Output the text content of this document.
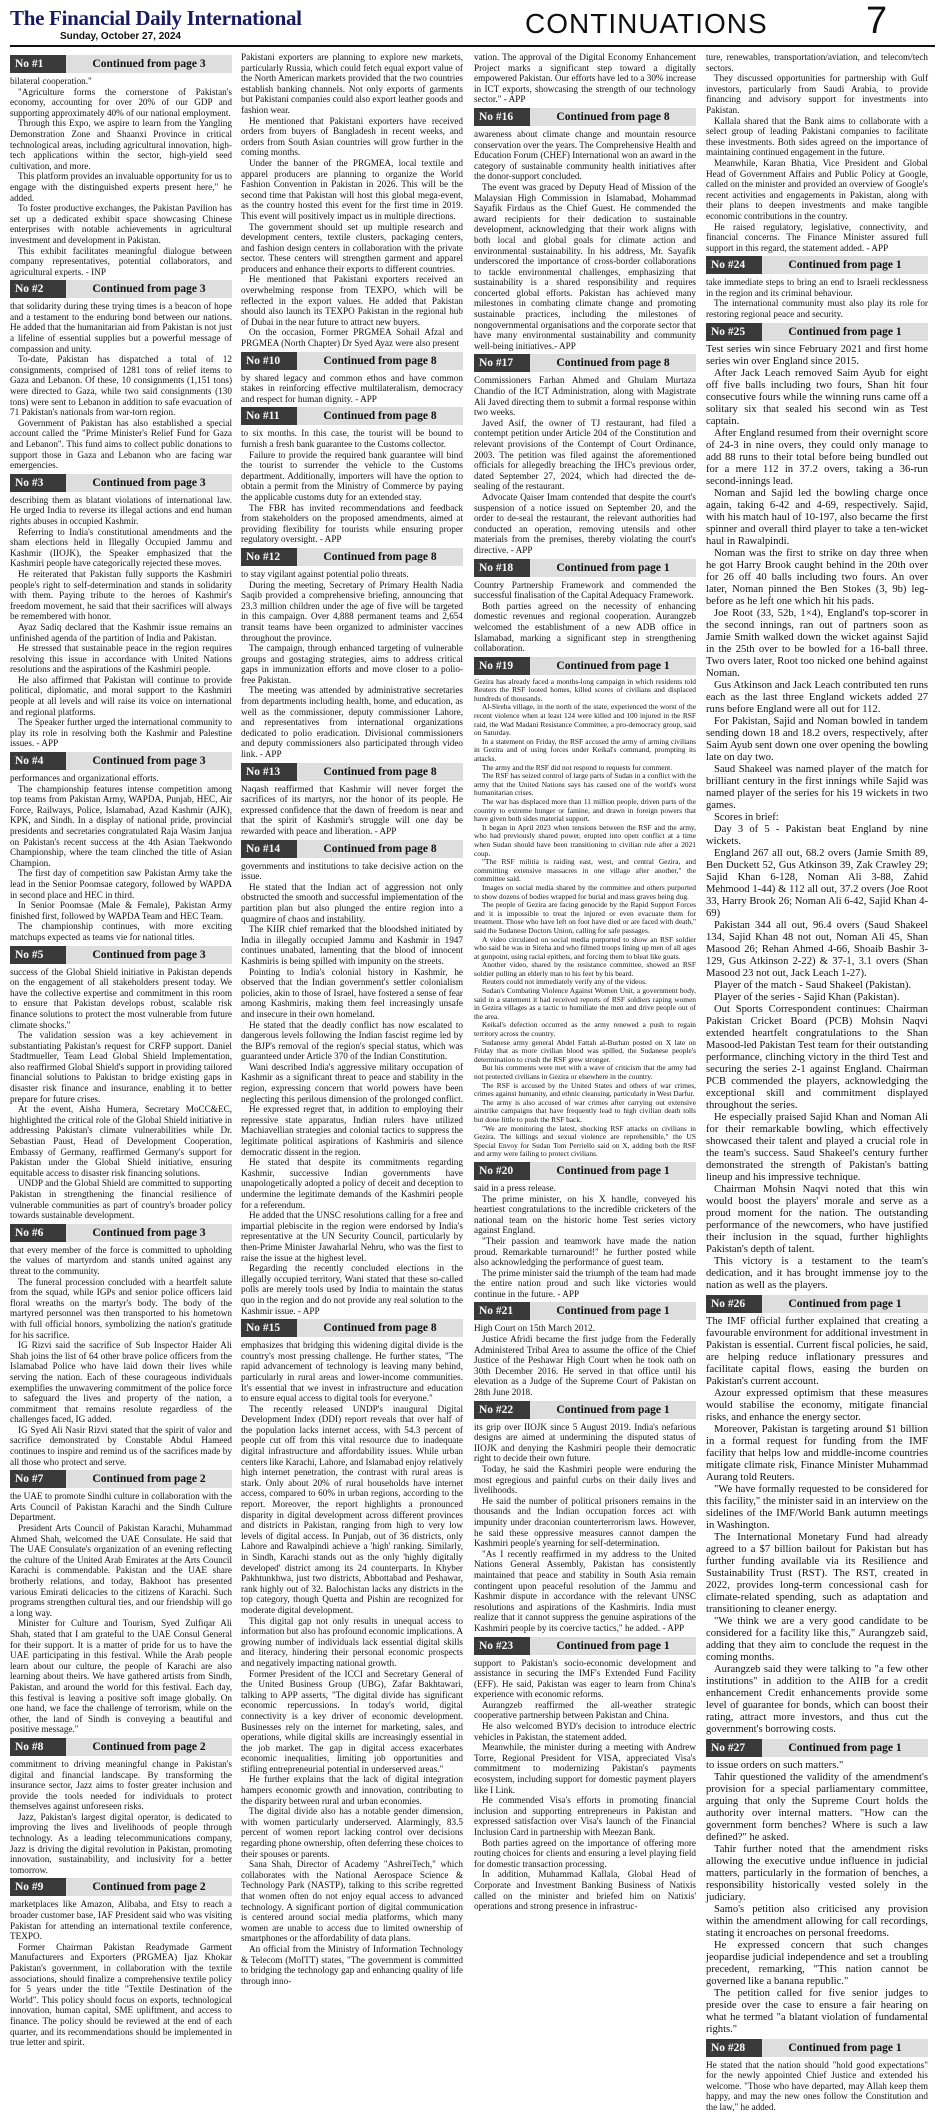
The Financial Daily International
Sunday, October 27, 2024	CONTINUATIONS	7
No #1	Continued from page 3

bilateral cooperation."

"Agriculture forms the cornerstone of Pakistan's economy, accounting for over 20% of our GDP and supporting approximately 40% of our national employment.

Through this Expo, we aspire to learn from the Yangling Demonstration Zone and Shaanxi Province in critical technological areas, including agricultural innovation, high-tech applications within the sector, high-yield seed cultivation, and more.

This platform provides an invaluable opportunity for us to engage with the distinguished experts present here," he added.

To foster productive exchanges, the Pakistan Pavilion has set up a dedicated exhibit space showcasing Chinese enterprises with notable achievements in agricultural investment and development in Pakistan.

This exhibit facilitates meaningful dialogue between company representatives, potential collaborators, and agricultural experts. - INP

No #2	Continued from page 3

that solidarity during these trying times is a beacon of hope and a testament to the enduring bond between our nations. He added that the humanitarian aid from Pakistan is not just a lifeline of essential supplies but a powerful message of compassion and unity.

To-date, Pakistan has dispatched a total of 12 consignments, comprised of 1281 tons of relief items to Gaza and Lebanon. Of these, 10 consignments (1,151 tons) were directed to Gaza, while two said consignments (130 tons) were sent to Lebanon in addition to safe evacuation of 71 Pakistan's nationals from war-torn region.

Government of Pakistan has also established a special account called the "Prime Minister's Relief Fund for Gaza and Lebanon". This fund aims to collect public donations to support those in Gaza and Lebanon who are facing war emergencies.

No #3	Continued from page 3

describing them as blatant violations of international law. He urged India to reverse its illegal actions and end human rights abuses in occupied Kashmir.

Referring to India's constitutional amendments and the sham elections held in Illegally Occupied Jammu and Kashmir (IIOJK), the Speaker emphasized that the Kashmiri people have categorically rejected these moves.

He reiterated that Pakistan fully supports the Kashmiri people's right to self-determination and stands in solidarity with them. Paying tribute to the heroes of Kashmir's freedom movement, he said that their sacrifices will always be remembered with honor.

Ayaz Sadiq declared that the Kashmir issue remains an unfinished agenda of the partition of India and Pakistan.

He stressed that sustainable peace in the region requires resolving this issue in accordance with United Nations resolutions and the aspirations of the Kashmiri people.

He also affirmed that Pakistan will continue to provide political, diplomatic, and moral support to the Kashmiri people at all levels and will raise its voice on international and regional platforms.

The Speaker further urged the international community to play its role in resolving both the Kashmir and Palestine issues. - APP

No #4	Continued from page 3

performances and organizational efforts.

The championship features intense competition among top teams from Pakistan Army, WAPDA, Punjab, HEC, Air Force, Railways, Police, Islamabad, Azad Kashmir (AJK), KPK, and Sindh. In a display of national pride, provincial presidents and secretaries congratulated Raja Wasim Janjua on Pakistan's recent success at the 4th Asian Taekwondo Championship, where the team clinched the title of Asian Champion.

The first day of competition saw Pakistan Army take the lead in the Senior Poomsae category, followed by WAPDA in second place and HEC in third.

In Senior Poomsae (Male & Female), Pakistan Army finished first, followed by WAPDA Team and HEC Team.

The championship continues, with more exciting matchups expected as teams vie for national titles.

No #5	Continued from page 3

success of the Global Shield initiative in Pakistan depends on the engagement of all stakeholders present today. We have the collective expertise and commitment in this room to ensure that Pakistan develops robust, scalable risk finance solutions to protect the most vulnerable from future climate shocks."

The validation session was a key achievement in substantiating Pakistan's request for CRFP support. Daniel Stadtmueller, Team Lead Global Shield Implementation, also reaffirmed Global Shield's support in providing tailored financial solutions to Pakistan to bridge existing gaps in disaster risk finance and insurance, enabling it to better prepare for future crises.

At the event, Aisha Humera, Secretary MoCC&EC, highlighted the critical role of the Global Shield initiative in addressing Pakistan's climate vulnerabilities while Dr. Sebastian Paust, Head of Development Cooperation, Embassy of Germany, reaffirmed Germany's support for Pakistan under the Global Shield initiative, ensuring equitable access to disaster risk financing solutions.

UNDP and the Global Shield are committed to supporting Pakistan in strengthening the financial resilience of vulnerable communities as part of country's broader policy towards sustainable development.

No #6	Continued from page 3

that every member of the force is committed to upholding the values of martyrdom and stands united against any threat to the community.

The funeral procession concluded with a heartfelt salute from the squad, while IGPs and senior police officers laid floral wreaths on the martyr's body. The body of the martyred personnel was then transported to his hometown with full official honors, symbolizing the nation's gratitude for his sacrifice.

IG Rizvi said the sacrifice of Sub Inspector Haider Ali Shah joins the list of 64 other brave police officers from the Islamabad Police who have laid down their lives while serving the nation. Each of these courageous individuals exemplifies the unwavering commitment of the police force to safeguard the lives and property of the nation, a commitment that remains resolute regardless of the challenges faced, IG added.

IG Syed Ali Nasir Rizvi stated that the spirit of valor and sacrifice demonstrated by Constable Abdul Hameed continues to inspire and remind us of the sacrifices made by all those who protect and serve.

No #7	Continued from page 2

the UAE to promote Sindhi culture in collaboration with the Arts Council of Pakistan Karachi and the Sindh Culture Department.

President Arts Council of Pakistan Karachi, Muhammad Ahmed Shah, welcomed the UAE Consulate. He said that The UAE Consulate's organization of an evening reflecting the culture of the United Arab Emirates at the Arts Council Karachi is commendable. Pakistan and the UAE share brotherly relations, and today, Bakhoot has presented various Emirati delicacies to the citizens of Karachi. Such programs strengthen cultural ties, and our friendship will go a long way.

Minister for Culture and Tourism, Syed Zulfiqar Ali Shah, stated that I am grateful to the UAE Consul General for their support. It is a matter of pride for us to have the UAE participating in this festival. While the Arab people learn about our culture, the people of Karachi are also learning about theirs. We have gathered artists from Sindh, Pakistan, and around the world for this festival. Each day, this festival is leaving a positive soft image globally. On one hand, we face the challenge of terrorism, while on the other, the land of Sindh is conveying a beautiful and positive message."

No #8	Continued from page 2

commitment to driving meaningful change in Pakistan's digital and financial landscape. By transforming the insurance sector, Jazz aims to foster greater inclusion and provide the tools needed for individuals to protect themselves against unforeseen risks.

Jazz, Pakistan's largest digital operator, is dedicated to improving the lives and livelihoods of people through technology. As a leading telecommunications company, Jazz is driving the digital revolution in Pakistan, promoting innovation, sustainability, and inclusivity for a better tomorrow.

No #9	Continued from page 2

marketplaces like Amazon, Alibaba, and Etsy to reach a broader customer base, IAF President said who was visiting Pakistan for attending an international textile conference, TEXPO.

Former Chairman Pakistan Readymade Garment Manufacturers and Exporters (PRGMEA) Ijaz Khokar Pakistan's government, in collaboration with the textile associations, should finalize a comprehensive textile policy for 5 years under the title "Textile Destination of the World". This policy should focus on exports, technological innovation, human capital, SME upliftment, and access to finance. The policy should be reviewed at the end of each quarter, and its recommendations should be implemented in true letter and spirit.

Pakistani exporters are planning to explore new markets, particularly Russia, which could fetch equal export value of the North American markets provided that the two countries establish banking channels. Not only exports of garments but Pakistani companies could also export leather goods and fashion wear.

He mentioned that Pakistani exporters have received orders from buyers of Bangladesh in recent weeks, and orders from South Asian countries will grow further in the coming months.

Under the banner of the PRGMEA, local textile and apparel producers are planning to organize the World Fashion Convention in Pakistan in 2026. This will be the second time that Pakistan will host this global mega-event, as the country hosted this event for the first time in 2019. This event will positively impact us in multiple directions.

The government should set up multiple research and development centers, textile clusters, packaging centers, and fashion design centers in collaboration with the private sector. These centers will strengthen garment and apparel producers and enhance their exports to different countries.

He mentioned that Pakistani exporters received an overwhelming response from TEXPO, which will be reflected in the export values. He added that Pakistan should also launch its TEXPO Pakistan in the regional hub of Dubai in the near future to attract new buyers.

On the occasion, Former PRGMEA Sohail Afzal and PRGMEA (North Chapter) Dr Syed Ayaz were also present

No #10	Continued from page 8

by shared legacy and common ethos and have common stakes in reinforcing effective multilateralism, democracy and respect for human dignity. - APP

No #11	Continued from page 8

to six months. In this case, the tourist will be bound to furnish a fresh bank guarantee to the Customs collector.

Failure to provide the required bank guarantee will bind the tourist to surrender the vehicle to the Customs department. Additionally, importers will have the option to obtain a permit from the Ministry of Commerce by paying the applicable customs duty for an extended stay.

The FBR has invited recommendations and feedback from stakeholders on the proposed amendments, aimed at providing flexibility for tourists while ensuring proper regulatory oversight. - APP

No #12	Continued from page 8

to stay vigilant against potential polio threats.

During the meeting, Secretary of Primary Health Nadia Saqib provided a comprehensive briefing, announcing that 23.3 million children under the age of five will be targeted in this campaign. Over 4,888 permanent teams and 2,654 transit teams have been organized to administer vaccines throughout the province.

The campaign, through enhanced targeting of vulnerable groups and gostaging strategies, aims to address critical gaps in immunization efforts and move closer to a polio-free Pakistan.

The meeting was attended by administrative secretaries from departments including health, home, and education, as well as the commissioner, deputy commissioner Lahore, and representatives from international organizations dedicated to polio eradication. Divisional commissioners and deputy commissioners also participated through video link. - APP

No #13	Continued from page 8

Naqash reaffirmed that Kashmir will never forget the sacrifices of its martyrs, nor the honor of its people. He expressed confidence that the dawn of freedom is near and that the spirit of Kashmir's struggle will one day be rewarded with peace and liberation. - APP

No #14	Continued from page 8

governments and institutions to take decisive action on the issue.

He stated that the Indian act of aggression not only obstructed the smooth and successful implementation of the partition plan but also plunged the entire region into a quagmire of chaos and instability.

The KIIR chief remarked that the bloodshed initiated by India in illegally occupied Jammu and Kashmir in 1947 continues unabated, lamenting that the blood of innocent Kashmiris is being spilled with impunity on the streets.

Pointing to India's colonial history in Kashmir, he observed that the Indian government's settler colonialism policies, akin to those of Israel, have fostered a sense of fear among Kashmiris, making them feel increasingly unsafe and insecure in their own homeland.

He stated that the deadly conflict has now escalated to dangerous levels following the Indian fascist regime led by the BJP's removal of the region's special status, which was guaranteed under Article 370 of the Indian Constitution.

Wani described India's aggressive military occupation of Kashmir as a significant threat to peace and stability in the region, expressing concern that world powers have been neglecting this perilous dimension of the prolonged conflict.

He expressed regret that, in addition to employing their repressive state apparatus, Indian rulers have utilized Machiavellian strategies and colonial tactics to suppress the legitimate political aspirations of Kashmiris and silence democratic dissent in the region.

He stated that despite its commitments regarding Kashmir, successive Indian governments have unapologetically adopted a policy of deceit and deception to undermine the legitimate demands of the Kashmiri people for a referendum.

He added that the UNSC resolutions calling for a free and impartial plebiscite in the region were endorsed by India's representative at the UN Security Council, particularly by then-Prime Minister Jawaharlal Nehru, who was the first to raise the issue at the highest level.

Regarding the recently concluded elections in the illegally occupied territory, Wani stated that these so-called polls are merely tools used by India to maintain the status quo in the region and do not provide any real solution to the Kashmir issue. - APP

No #15	Continued from page 8

emphasizes that bridging this widening digital divide is the country's most pressing challenge. He further states, "The rapid advancement of technology is leaving many behind, particularly in rural areas and lower-income communities. It's essential that we invest in infrastructure and education to ensure equal access to digital tools for everyone."

The recently released UNDP's inaugural Digital Development Index (DDI) report reveals that over half of the population lacks internet access, with 54.3 percent of people cut off from this vital resource due to inadequate digital infrastructure and affordability issues. While urban centers like Karachi, Lahore, and Islamabad enjoy relatively high internet penetration, the contrast with rural areas is stark. Only about 20% of rural households have internet access, compared to 60% in urban regions, according to the report. Moreover, the report highlights a pronounced disparity in digital development across different provinces and districts in Pakistan, ranging from high to very low levels of digital access. In Punjab, out of 36 districts, only Lahore and Rawalpindi achieve a 'high' ranking. Similarly, in Sindh, Karachi stands out as the only 'highly digitally developed' district among its 24 counterparts. In Khyber Pakhtunkhwa, just two districts, Abbottabad and Peshawar, rank highly out of 32. Balochistan lacks any districts in the top category, though Quetta and Pishin are recognized for moderate digital development.

This digital gap not only results in unequal access to information but also has profound economic implications. A growing number of individuals lack essential digital skills and literacy, hindering their personal economic prospects and negatively impacting national growth.

Former President of the ICCI and Secretary General of the United Business Group (UBG), Zafar Bakhtawari, talking to APP asserts, "The digital divide has significant economic repercussions. In today's world, digital connectivity is a key driver of economic development. Businesses rely on the internet for marketing, sales, and operations, while digital skills are increasingly essential in the job market. The gap in digital access exacerbates economic inequalities, limiting job opportunities and stifling entrepreneurial potential in underserved areas."

He further explains that the lack of digital integration hampers economic growth and innovation, contributing to the disparity between rural and urban economies.

The digital divide also has a notable gender dimension, with women particularly underserved. Alarmingly, 83.5 percent of women report lacking control over decisions regarding phone ownership, often deferring these choices to their spouses or parents.

Sana Shah, Director of Academy "AshreiTech," which collaborates with the National Aerospace Science & Technology Park (NASTP), talking to this scribe regretted that women often do not enjoy equal access to advanced technology. A significant portion of digital communication is centered around social media platforms, which many women are unable to access due to limited ownership of smartphones or the affordability of data plans.

An official from the Ministry of Information Technology & Telecom (MoITT) states, "The government is committed to bridging the technology gap and enhancing quality of life through inno-

vation. The approval of the Digital Economy Enhancement Project marks a significant step toward a digitally empowered Pakistan. Our efforts have led to a 30% increase in ICT exports, showcasing the strength of our technology sector." - APP

No #16	Continued from page 8

awareness about climate change and mountain resource conservation over the years. The Comprehensive Health and Education Forum (CHEF) International won an award in the category of sustainable community health initiatives after the donor-support concluded.

The event was graced by Deputy Head of Mission of the Malaysian High Commission in Islamabad, Mohammad Sayafik Firdaus as the Chief Guest. He commended the award recipients for their dedication to sustainable development, acknowledging that their work aligns with both local and global goals for climate action and environmental sustainability. In his address, Mr. Sayafik underscored the importance of cross-border collaborations to tackle environmental challenges, emphasizing that sustainability is a shared responsibility and requires concerted global efforts. Pakistan has achieved many milestones in combating climate change and promoting sustainable practices, including the milestones of nongovernmental organisations and the corporate sector that have many environmental sustainability and community well-being initiatives.- APP

No #17	Continued from page 8

Commissioners Farhan Ahmed and Ghulam Murtaza Chandio of the ICT Administration, along with Magistrate Ali Javed directing them to submit a formal response within two weeks.

Javed Asif, the owner of TJ restaurant, had filed a contempt petition under Article 204 of the Constitution and relevant provisions of the Contempt of Court Ordinance, 2003. The petition was filed against the aforementioned officials for allegedly breaching the IHC's previous order, dated September 27, 2024, which had directed the de-sealing of the restaurant.

Advocate Qaiser Imam contended that despite the court's suspension of a notice issued on September 20, and the order to de-seal the restaurant, the relevant authorities had conducted an operation, removing utensils and other materials from the premises, thereby violating the court's directive. - APP

No #18	Continued from page 1

Country Partnership Framework and commended the successful finalisation of the Capital Adequacy Framework.

Both parties agreed on the necessity of enhancing domestic revenues and regional cooperation. Aurangzeb welcomed the establishment of a new ADB office in Islamabad, marking a significant step in strengthening collaboration.

No #19	Continued from page 1

Gezira has already faced a months-long campaign in which residents told Reuters the RSF looted homes, killed scores of civilians and displaced hundreds of thousands.

Al-Sireha village, in the north of the state, experienced the worst of the recent violence when at least 124 were killed and 100 injured in the RSF raid, the Wad Madani Resistance Committee, a pro-democracy group, said on Saturday.

In a statement on Friday, the RSF accused the army of arming civilians in Gezira and of using forces under Keikal's command, prompting its attacks.

The army and the RSF did not respond to requests for comment.

The RSF has seized control of large parts of Sudan in a conflict with the army that the United Nations says has caused one of the world's worst humanitarian crises.

The war has displaced more than 11 million people, driven parts of the country to extreme hunger or famine, and drawn in foreign powers that have given both sides material support.

It began in April 2023 when tensions between the RSF and the army, who had previously shared power, erupted into open conflict at a time when Sudan should have been transitioning to civilian rule after a 2021 coup.

"The RSF militia is raiding east, west, and central Gezira, and committing extensive massacres in one village after another," the committee said.

Images on social media shared by the committee and others purported to show dozens of bodies wrapped for burial and mass graves being dug.

The people of Gezira are facing genocide by the Rapid Support Forces and it is impossible to treat the injured or even evacuate them for treatment. Those who have left on foot have died or are faced with death," said the Sudanese Doctors Union, calling for safe passages.

A video circulated on social media purported to show an RSF soldier who said he was in Sireha and who filmed troops lining up men of all ages at gunpoint, using racial epithets, and forcing them to bleat like goats.

Another video, shared by the resistance committee, showed an RSF soldier pulling an elderly man to his feet by his beard.

Reuters could not immediately verify any of the videos.

Sudan's Combating Violence Against Women Unit, a government body, said in a statement it had received reports of RSF soldiers raping women in Gezira villages as a tactic to humiliate the men and drive people out of the area.

Keikal's defection occurred as the army renewed a push to regain territory across the country.

Sudanese army general Abdel Fattah al-Burhan posted on X late on Friday that as more civilian blood was spilled, the Sudanese people's determination to crush the RSF grew stronger.

But his comments were met with a wave of criticism that the army had not protected civilians in Gezira or elsewhere in the country.

The RSF is accused by the United States and others of war crimes, crimes against humanity, and ethnic cleansing, particularly in West Darfur.

The army is also accused of war crimes after carrying out extensive airstrike campaigns that have frequently lead to high civilian death tolls but done little to push the RSF back.

"We are monitoring the latest, shocking RSF attacks on civilians in Gezira. The killings and sexual violence are reprehensible," the US Special Envoy for Sudan Tom Perriello said on X, adding both the RSF and army were failing to protect civilians.

No #20	Continued from page 1

said in a press release.

The prime minister, on his X handle, conveyed his heartiest congratulations to the incredible cricketers of the national team on the historic home Test series victory against England.

"Their passion and teamwork have made the nation proud. Remarkable turnaround!" he further posted while also acknowledging the performance of guest team.

The prime minister said the triumph of the team had made the entire nation proud and such like victories would continue in the future. - APP

No #21	Continued from page 1

High Court on 15th March 2012.

Justice Afridi became the first judge from the Federally Administered Tribal Area to assume the office of the Chief Justice of the Peshawar High Court when he took oath on 30th December 2016. He served in that office until his elevation as a Judge of the Supreme Court of Pakistan on 28th June 2018.

No #22	Continued from page 1

its grip over IIOJK since 5 August 2019. India's nefarious designs are aimed at undermining the disputed status of IIOJK and denying the Kashmiri people their democratic right to decide their own future.

Today, he said the Kashmiri people were enduring the most egregious and painful curbs on their daily lives and livelihoods.

He said the number of political prisoners remains in the thousands and the Indian occupation forces act with impunity under draconian counterterrorism laws. However, he said these oppressive measures cannot dampen the Kashmiri people's yearning for self-determination.

"As I recently reaffirmed in my address to the United Nations General Assembly, Pakistan has consistently maintained that peace and stability in South Asia remain contingent upon peaceful resolution of the Jammu and Kashmir dispute in accordance with the relevant UNSC resolutions and aspirations of the Kashmiris. India must realize that it cannot suppress the genuine aspirations of the Kashmiri people by its coercive tactics," he added. - APP

No #23	Continued from page 1

support to Pakistan's socio-economic development and assistance in securing the IMF's Extended Fund Facility (EFF). He said, Pakistan was eager to learn from China's experience with economic reforms.

Aurangzeb reaffirmed the all-weather strategic cooperative partnership between Pakistan and China.

He also welcomed BYD's decision to introduce electric vehicles in Pakistan, the statement added.

Meanwhile, the minister during a meeting with Andrew Torre, Regional President for VISA, appreciated Visa's commitment to modernizing Pakistan's payments ecosystem, including support for domestic payment players like I Link.

He commended Visa's efforts in promoting financial inclusion and supporting entrepreneurs in Pakistan and expressed satisfaction over Visa's launch of the Financial Inclusion Card in partnership with Meezan Bank.

Both parties agreed on the importance of offering more routing choices for clients and ensuring a level playing field for domestic transaction processing.

In addition, Muhammad Kallala, Global Head of Corporate and Investment Banking Business of Natixis called on the minister and briefed him on Natixis' operations and strong presence in infrastruc-

ture, renewables, transportation/aviation, and telecom/tech sectors.

They discussed opportunities for partnership with Gulf investors, particularly from Saudi Arabia, to provide financing and advisory support for investments into Pakistan.

Kallala shared that the Bank aims to collaborate with a select group of leading Pakistani companies to facilitate these investments. Both sides agreed on the importance of maintaining continued engagement in the future.

Meanwhile, Karan Bhatia, Vice President and Global Head of Government Affairs and Public Policy at Google, called on the minister and provided an overview of Google's recent activities and engagements in Pakistan, along with their plans to deepen investments and make tangible economic contributions in the country.

He raised regulatory, legislative, connectivity, and financial concerns. The Finance Minister assured full support in this regard, the statement added. - APP

No #24	Continued from page 1

take immediate steps to bring an end to Israeli recklessness in the region and its criminal behaviour.

The international community must also play its role for restoring regional peace and security.

No #25	Continued from page 1

Test series win since February 2021 and first home series win over England since 2015.

After Jack Leach removed Saim Ayub for eight off five balls including two fours, Shan hit four consecutive fours while the winning runs came off a solitary six that sealed his second win as Test captain.

After England resumed from their overnight score of 24-3 in nine overs, they could only manage to add 88 runs to their total before being bundled out for a mere 112 in 37.2 overs, taking a 36-run second-innings lead.

Noman and Sajid led the bowling charge once again, taking 6-42 and 4-69, respectively. Sajid, with his match haul of 10-197, also became the first spinner and overall third player to take a ten-wicket haul in Rawalpindi.

Noman was the first to strike on day three when he got Harry Brook caught behind in the 20th over for 26 off 40 balls including two fours. An over later, Noman pinned the Ben Stokes (3, 9b) leg-before as he left one which hit his pads.

Joe Root (33, 52b, 1×4), England's top-scorer in the second innings, ran out of partners soon as Jamie Smith walked down the wicket against Sajid in the 25th over to be bowled for a 16-ball three. Two overs later, Root too nicked one behind against Noman.

Gus Atkinson and Jack Leach contributed ten runs each as the last three England wickets added 27 runs before England were all out for 112.

For Pakistan, Sajid and Noman bowled in tandem sending down 18 and 18.2 overs, respectively, after Saim Ayub sent down one over opening the bowling late on day two.

Saud Shakeel was named player of the match for brilliant century in the first innings while Sajid was named player of the series for his 19 wickets in two games.

Scores in brief:

Day 3 of 5 - Pakistan beat England by nine wickets.

England 267 all out, 68.2 overs (Jamie Smith 89, Ben Duckett 52, Gus Atkinson 39, Zak Crawley 29; Sajid Khan 6-128, Noman Ali 3-88, Zahid Mehmood 1-44) & 112 all out, 37.2 overs (Joe Root 33, Harry Brook 26; Noman Ali 6-42, Sajid Khan 4-69)

Pakistan 344 all out, 96.4 overs (Saud Shakeel 134, Sajid Khan 48 not out, Noman Ali 45, Shan Masood 26; Rehan Ahmed 4-66, Shoaib Bashir 3-129, Gus Atkinson 2-22) & 37-1, 3.1 overs (Shan Masood 23 not out, Jack Leach 1-27).

Player of the match - Saud Shakeel (Pakistan).

Player of the series - Sajid Khan (Pakistan).

Out Sports Correspondent continues: Chairman Pakistan Cricket Board (PCB) Mohsin Naqvi extended heartfelt congratulations to the Shan Masood-led Pakistan Test team for their outstanding performance, clinching victory in the third Test and securing the series 2-1 against England. Chairman PCB commended the players, acknowledging the exceptional skill and commitment displayed throughout the series.

He especially praised Sajid Khan and Noman Ali for their remarkable bowling, which effectively showcased their talent and played a crucial role in the team's success. Saud Shakeel's century further demonstrated the strength of Pakistan's batting lineup and his impressive technique.

Chairman Mohsin Naqvi noted that this win would boost the players' morale and serve as a proud moment for the nation. The outstanding performance of the newcomers, who have justified their inclusion in the squad, further highlights Pakistan's depth of talent.

This victory is a testament to the team's dedication, and it has brought immense joy to the nation as well as the players.

No #26	Continued from page 1

The IMF official further explained that creating a favourable environment for additional investment in Pakistan is essential. Current fiscal policies, he said, are helping reduce inflationary pressures and facilitate capital flows, easing the burden on Pakistan's current account.

Azour expressed optimism that these measures would stabilise the economy, mitigate financial risks, and enhance the energy sector.

Moreover, Pakistan is targeting around $1 billion in a formal request for funding from the IMF facility that helps low and middle-income countries mitigate climate risk, Finance Minister Muhammad Aurang told Reuters.

"We have formally requested to be considered for this facility," the minister said in an interview on the sidelines of the IMF/World Bank autumn meetings in Washington.

The International Monetary Fund had already agreed to a $7 billion bailout for Pakistan but has further funding available via its Resilience and Sustainability Trust (RST). The RST, created in 2022, provides long-term concessional cash for climate-related spending, such as adaptation and transitioning to cleaner energy.

"We think we are a very good candidate to be considered for a facility like this," Aurangzeb said, adding that they aim to conclude the request in the coming months.

Aurangzeb said they were talking to "a few other institutions" in addition to the AIIB for a credit enhancement Credit enhancements provide some level of guarantee for bonds, which can boost their rating, attract more investors, and thus cut the government's borrowing costs.

No #27	Continued from page 1

to issue orders on such matters."

Tahir questioned the validity of the amendment's provision for a special parliamentary committee, arguing that only the Supreme Court holds the authority over internal matters. "How can the government form benches? Where is such a law defined?" he asked.

Tahir further noted that the amendment risks allowing the executive undue influence in judicial matters, particularly in the formation of benches, a responsibility historically vested solely in the judiciary.

Samo's petition also criticised any provision within the amendment allowing for call recordings, stating it encroaches on personal freedoms.

He expressed concern that such changes jeopardise judicial independence and set a troubling precedent, remarking, "This nation cannot be governed like a banana republic."

The petition called for five senior judges to preside over the case to ensure a fair hearing on what he termed "a blatant violation of fundamental rights."

No #28	Continued from page 1

He stated that the nation should "hold good expectations" for the newly appointed Chief Justice and extended his welcome. "Those who have departed, may Allah keep them happy, and may the new ones follow the Constitution and the law," he added.
